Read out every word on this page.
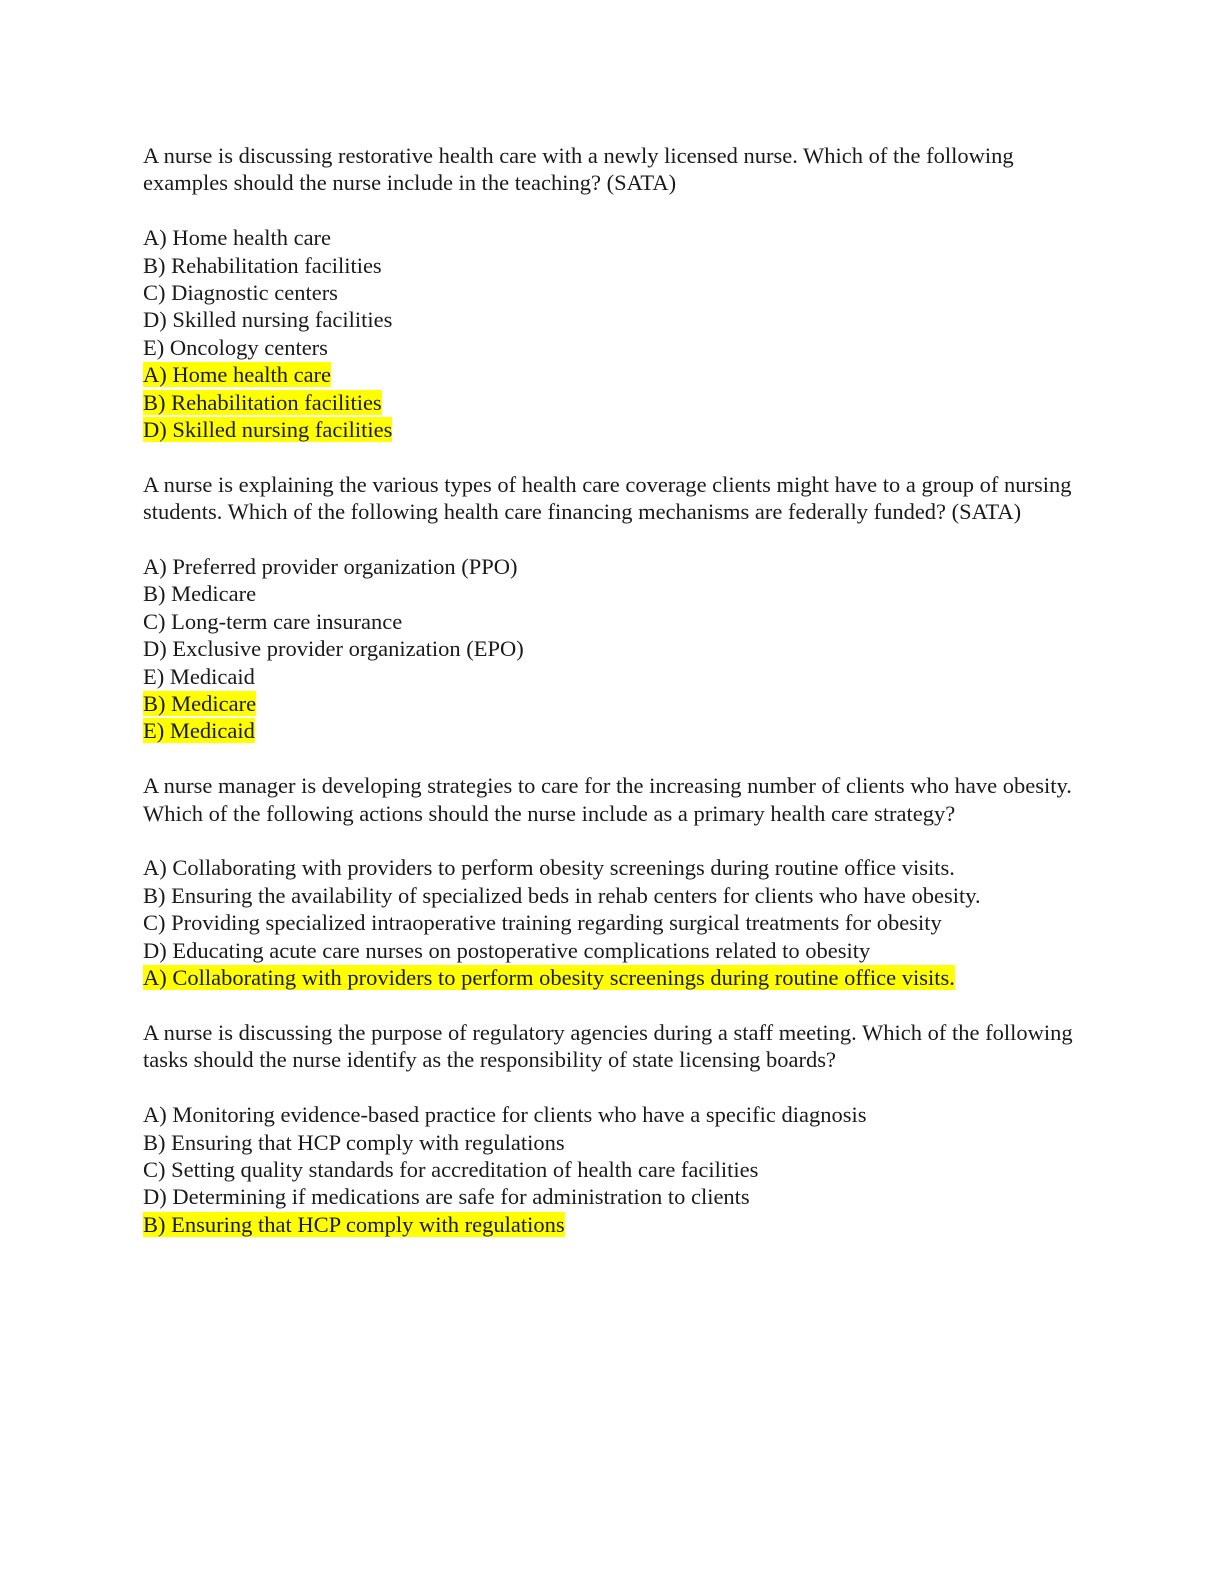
A nurse is discussing restorative health care with a newly licensed nurse. Which of the following examples should the nurse include in the teaching? (SATA)

A) Home health care
B) Rehabilitation facilities
C) Diagnostic centers
D) Skilled nursing facilities
E) Oncology centers
A) Home health care
B) Rehabilitation facilities
D) Skilled nursing facilities

A nurse is explaining the various types of health care coverage clients might have to a group of nursing students. Which of the following health care financing mechanisms are federally funded? (SATA)

A) Preferred provider organization (PPO)
B) Medicare
C) Long-term care insurance
D) Exclusive provider organization (EPO)
E) Medicaid
B) Medicare
E) Medicaid

A nurse manager is developing strategies to care for the increasing number of clients who have obesity. Which of the following actions should the nurse include as a primary health care strategy?

A) Collaborating with providers to perform obesity screenings during routine office visits.
B) Ensuring the availability of specialized beds in rehab centers for clients who have obesity.
C) Providing specialized intraoperative training regarding surgical treatments for obesity
D) Educating acute care nurses on postoperative complications related to obesity
A) Collaborating with providers to perform obesity screenings during routine office visits.

A nurse is discussing the purpose of regulatory agencies during a staff meeting. Which of the following tasks should the nurse identify as the responsibility of state licensing boards?

A) Monitoring evidence-based practice for clients who have a specific diagnosis
B) Ensuring that HCP comply with regulations
C) Setting quality standards for accreditation of health care facilities
D) Determining if medications are safe for administration to clients
B) Ensuring that HCP comply with regulations
